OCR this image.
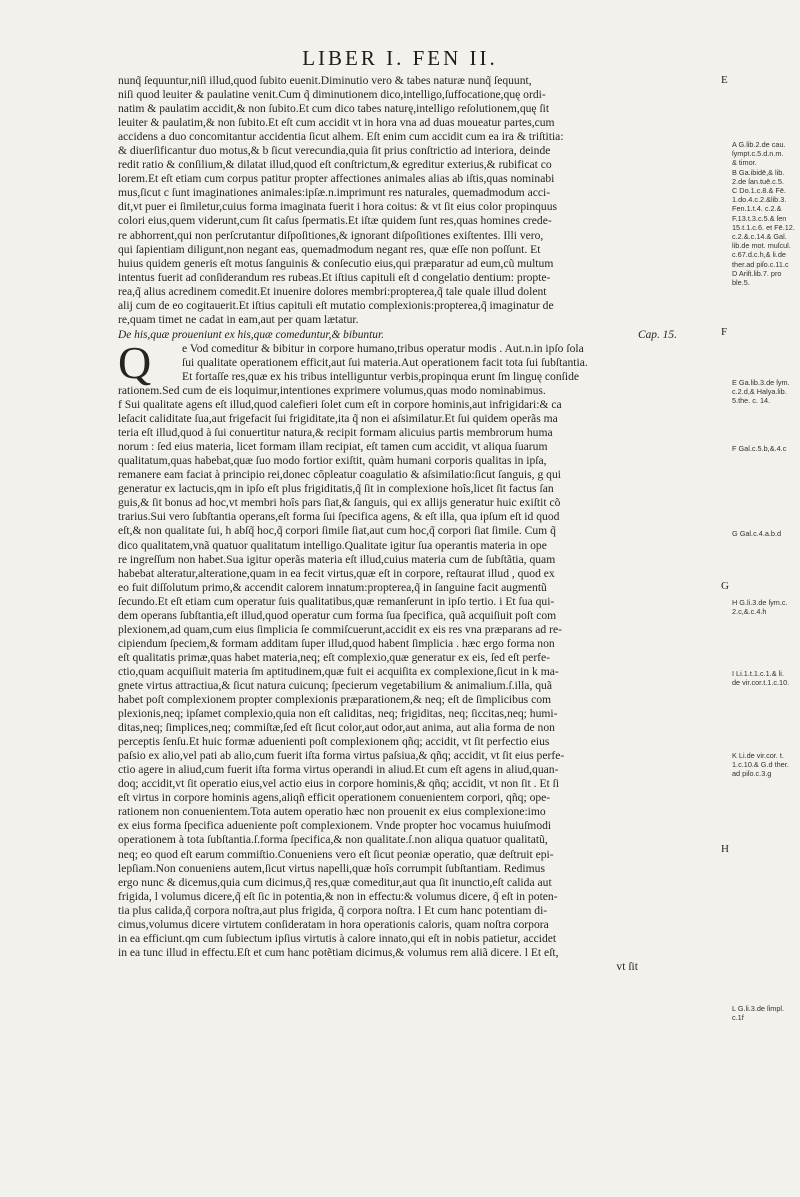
LIBER I. FEN II.
nunq̃ ſequuntur,niſi illud,quod ſubito euenit.Diminutio vero & tabes naturæ nunq̃ ſequunt,
niſi quod leuiter & paulatine venit.Cum q̃ diminutionem dico,intelligo,ſuffocatione,quę ordi-
natim & paulatim accidit,& non ſubito.Et cum dico tabes naturę,intelligo reſolutionem,quę ſit
leuiter & paulatim,& non ſubito.Et eſt cum accidit vt in hora vna ad duas moueatur partes,cum
accidens a duo concomitantur accidentia ſicut alhem. Eſt enim cum accidit cum ea ira & triſtitia:
& diuerſificantur duo motus,& b ſicut verecundia,quia ſit prius conſtrictio ad interiora, deinde
redit ratio & conſilium,& dilatat illud,quod eſt conſtrictum,& egreditur exterius,& rubificat co
lorem.Et eſt etiam cum corpus patitur propter affectiones animales alias ab iſtis,quas nominabi
mus,ſicut c ſunt imaginationes animales:ipſæ.n.imprimunt res naturales, quemadmodum acci-
dit,vt puer ei ſimiletur,cuius forma imaginata fuerit i hora coitus: & vt ſit eius color propinquus
colori eius,quem viderunt,cum ſit caſus ſpermatis.Et iſtæ quidem ſunt res,quas homines crede-
re abhorrent,qui non perſcrutantur diſpoſitiones,& ignorant diſpoſitiones exiſtentes. Illi vero,
qui ſapientiam diligunt,non negant eas, quemadmodum negant res, quæ eſſe non poſſunt. Et
huius quidem generis eſt motus ſanguinis & conſecutio eius,qui præparatur ad eum,cũ multum
intentus fuerit ad conſiderandum res rubeas.Et iſtius capituli eſt d congelatio dentium: propte-
rea,q̃ alius acredinem comedit.Et inuenire dolores membri:propterea,q̃ tale quale illud dolent
alij cum de eo cogitauerit.Et iſtius capituli eſt mutatio complexionis:propterea,q̃ imaginatur de
re,quam timet ne cadat in eam,aut per quam lætatur.
De his,quæ proueniunt ex his,quæ comeduntur,& bibuntur.	Cap. 15.
Q	e Vod comeditur & bibitur in corpore humano,tribus operatur modis . Aut.n.in ipſo ſola
ſui qualitate operationem efficit,aut ſui materia.Aut operationem facit tota ſui ſubſtantia.
Et fortaſſe res,quæ ex his tribus intelliguntur verbis,propinqua erunt ſm linguę conſide
rationem.Sed cum de eis loquimur,intentiones exprimere volumus,quas modo nominabimus.
f Sui qualitate agens eſt illud,quod calefieri ſolet cum eſt in corpore hominis,aut infrigidari:& ca
leſacit caliditate ſua,aut frigefacit ſui frigiditate,ita q̃ non ei aſsimilatur.Et ſui quidem operãs ma
teria eſt illud,quod à ſui conuertitur natura,& recipit formam alicuius partis membrorum huma
norum : ſed eius materia, licet formam illam recipiat, eſt tamen cum accidit, vt aliqua ſuarum
qualitatum,quas habebat,quæ ſuo modo fortior exiſtit, quàm humani corporis qualitas in ipſa,
remanere eam faciat à principio rei,donec côpleatur coagulatio & aſsimilatio:ſicut ſanguis, g qui
generatur ex lactucis,qm in ipſo eſt plus frigiditatis,q̃ ſit in complexione hoîs,licet ſit factus ſan
guis,& ſit bonus ad hoc,vt membri hoîs pars ſiat,& ſanguis, qui ex allijs generatur huic exiſtit cõ
trarius.Sui vero ſubſtantia operans,eſt forma ſui ſpecifica agens, & eſt illa, qua ipſum eſt id quod
eſt,& non qualitate ſui, h abſq̃ hoc,q̃ corpori ſimile ſiat,aut cum hoc,q̃ corpori ſiat ſimile. Cum q̃
dico qualitatem,vnã quatuor qualitatum intelligo.Qualitate igitur ſua operantis materia in ope
re ingreſſum non habet.Sua igitur operãs materia eſt illud,cuius materia cum de ſubſtãtia, quam
habebat alteratur,alteratione,quam in ea fecit virtus,quæ eſt in corpore, reſtaurat illud , quod ex
eo fuit diſſolutum primo,& accendit calorem innatum:propterea,q̃ in ſanguine facit augmentũ
ſecundo.Et eſt etiam cum operatur ſuis qualitatibus,quæ remanſerunt in ipſo tertio. i Et ſua qui-
dem operans ſubſtantia,eſt illud,quod operatur cum forma ſua ſpecifica, quã acquiſiuit poſt com
plexionem,ad quam,cum eius ſimplicia ſe commiſcuerunt,accidit ex eis res vna præparans ad re-
cipiendum ſpeciem,& formam additam ſuper illud,quod habent ſimplicia . hæc ergo forma non
eſt qualitatis primæ,quas habet materia,neq; eſt complexio,quæ generatur ex eis, ſed eſt perfe-
ctio,quam acquiſiuit materia ſm aptitudinem,quæ fuit ei acquiſita ex complexione,ſicut in k ma-
gnete virtus attractiua,& ſicut natura cuicunq; ſpecierum vegetabilium & animalium.ſ.illa, quã
habet poſt complexionem propter complexionis præparationem,& neq; eſt de ſimplicibus com
plexionis,neq; ipſamet complexio,quia non eſt caliditas, neq; frigiditas, neq; ſiccitas,neq; humi-
ditas,neq; ſimplices,neq; commiſtæ,ſed eſt ſicut color,aut odor,aut anima, aut alia forma de non
perceptis ſenſu.Et huic formæ aduenienti poſt complexionem qñq; accidit, vt ſit perfectio eius
paſsio ex alio,vel pati ab alio,cum fuerit iſta forma virtus paſsiua,& qñq; accidit, vt ſit eius perfe-
ctio agere in aliud,cum fuerit iſta forma virtus operandi in aliud.Et cum eſt agens in aliud,quan-
doq; accidit,vt ſit operatio eius,vel actio eius in corpore hominis,& qñq; accidit, vt non ſit . Et ſi
eſt virtus in corpore hominis agens,aliqñ efficit operationem conuenientem corpori, qñq; ope-
rationem non conuenientem.Tota autem operatio hæc non prouenit ex eius complexione:imo
ex eius forma ſpecifica adueniente poſt complexionem. Vnde propter hoc vocamus huiuſmodi
operationem à tota ſubſtantia.ſ.forma ſpecifica,& non qualitate.ſ.non aliqua quatuor qualitatũ,
neq; eo quod eſt earum commiſtio.Conueniens vero eſt ſicut peoniæ operatio, quæ deſtruit epi-
lepſiam.Non conueniens autem,ſicut virtus napelli,quæ hoîs corrumpit ſubſtantiam. Redimus
ergo nunc & dicemus,quia cum dicimus,q̃ res,quæ comeditur,aut qua ſit inunctio,eſt calida aut
frigida, l volumus dicere,q̃ eſt ſic in potentia,& non in effectu:& volumus dicere, q̃ eſt in poten-
tia plus calida,q̃ corpora noſtra,aut plus frigida, q̃ corpora noſtra. l Et cum hanc potentiam di-
cimus,volumus dicere virtutem conſideratam in hora operationis caloris, quam noſtra corpora
in ea efficiunt.qm cum ſubiectum ipſius virtutis à calore innato,qui eſt in nobis patietur, accidet
in ea tunc illud in effectu.Eſt et cum hanc potẽtiam dicimus,& volumus rem aliã dicere. l Et eſt,
vt ſit
E
F
G
H
A G.lib.2.de cau.
ſympt.c.5.d.n.m.
& timor.
B Ga.ibidē,& lib.
2.de ſan.tuē.c.5.
C Do.1.c.8.& Fē.
1.do.4.c.2.&lib.3.
Fen.1.t.4. c.2.&
F.13.t.3.c.5.& ſen
15.t.1.c.6. et Fē.12.
c.2.&.c.14.& Gal.
lib.de mot. muſcul.
c.67.d.c.h,& li.de
ther.ad piſo.c.11.c
D Ariſt.lib.7. pro
ble.5.
E Ga.lib.3.de ſym.
c.2.d,& Halya.lib.
5.the. c. 14.
F Gal.c.5.b,&.4.c
G Gal.c.4.a.b.d
H G.li.3.de ſym.c.
2.c,&.c.4.h
I Li.1.t.1.c.1.& li.
de vir.cor.t.1.c.10.
K Li.de vir.cor. t.
1.c.10.& G.d ther.
ad piſo.c.3.g
L G.li.3.de ſimpl.
c.1f
